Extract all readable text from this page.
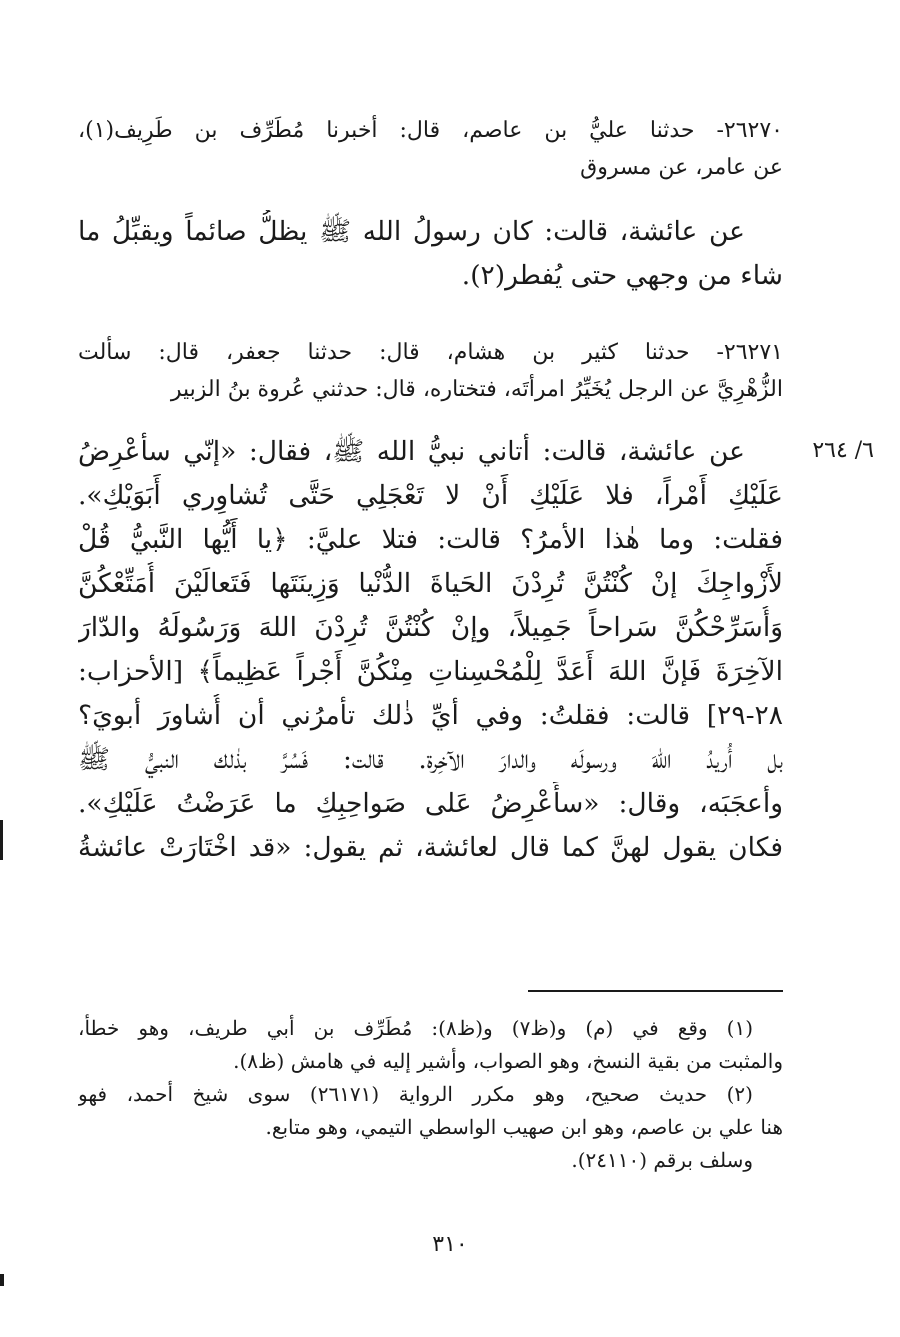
٢٦٢٧٠- حدثنا عليُّ بن عاصم، قال: أخبرنا مُطَرِّف بن طَرِيف(١)،
عن عامر، عن مسروق
عن عائشة، قالت: كان رسولُ الله ﷺ يظلُّ صائماً ويقبِّلُ ما
شاء من وجهي حتى يُفطر(٢).
٢٦٢٧١- حدثنا كثير بن هشام، قال: حدثنا جعفر، قال: سألت
الزُّهْرِيَّ عن الرجل يُخَيِّرُ امرأتَه، فتختاره، قال: حدثني عُروة بنُ الزبير
٦/ ٢٦٤
عن عائشة، قالت: أتاني نبيُّ الله ﷺ، فقال: «إنّي سأعْرِضُ
عَلَيْكِ أَمْراً، فلا عَلَيْكِ أَنْ لا تَعْجَلِي حَتَّى تُشاوِري أَبَوَيْكِ».
فقلت: وما هٰذا الأمرُ؟ قالت: فتلا عليَّ: ﴿يا أَيُّها النَّبيُّ قُلْ
لأَزْواجِكَ إنْ كُنْتُنَّ تُرِدْنَ الحَياةَ الدُّنْيا وَزِينَتَها فَتَعالَيْنَ أُمَتِّعْكُنَّ
وَأُسَرِّحْكُنَّ سَراحاً جَمِيلاً، وإنْ كُنْتُنَّ تُرِدْنَ اللهَ وَرَسُولَهُ والدّارَ
الآخِرَةَ فَإنَّ اللهَ أَعَدَّ لِلْمُحْسِناتِ مِنْكُنَّ أَجْراً عَظِيماً﴾ [الأحزاب:
٢٨-٢٩] قالت: فقلتُ: وفي أيِّ ذٰلك تأمرُني أن أُشاورَ أبويَ؟
بل أُريدُ اللهَ ورسولَه والدارَ الآخِرة. قالت: فَسُرَّ بذٰلك النبيُّ ﷺ
وأعجَبَه، وقال: «سأَعْرِضُ عَلى صَواحِبِكِ ما عَرَضْتُ عَلَيْكِ».
فكان يقول لهنَّ كما قال لعائشة، ثم يقول: «قد اخْتَارَتْ عائشةُ
(١) وقع في (م) و(ظ٧) و(ظ٨): مُطَرِّف بن أبي طريف، وهو خطأ،
والمثبت من بقية النسخ، وهو الصواب، وأشير إليه في هامش (ظ٨).
(٢) حديث صحيح، وهو مكرر الرواية (٢٦١٧١) سوى شيخ أحمد، فهو
هنا علي بن عاصم، وهو ابن صهيب الواسطي التيمي، وهو متابع.
وسلف برقم (٢٤١١٠).
٣١٠
